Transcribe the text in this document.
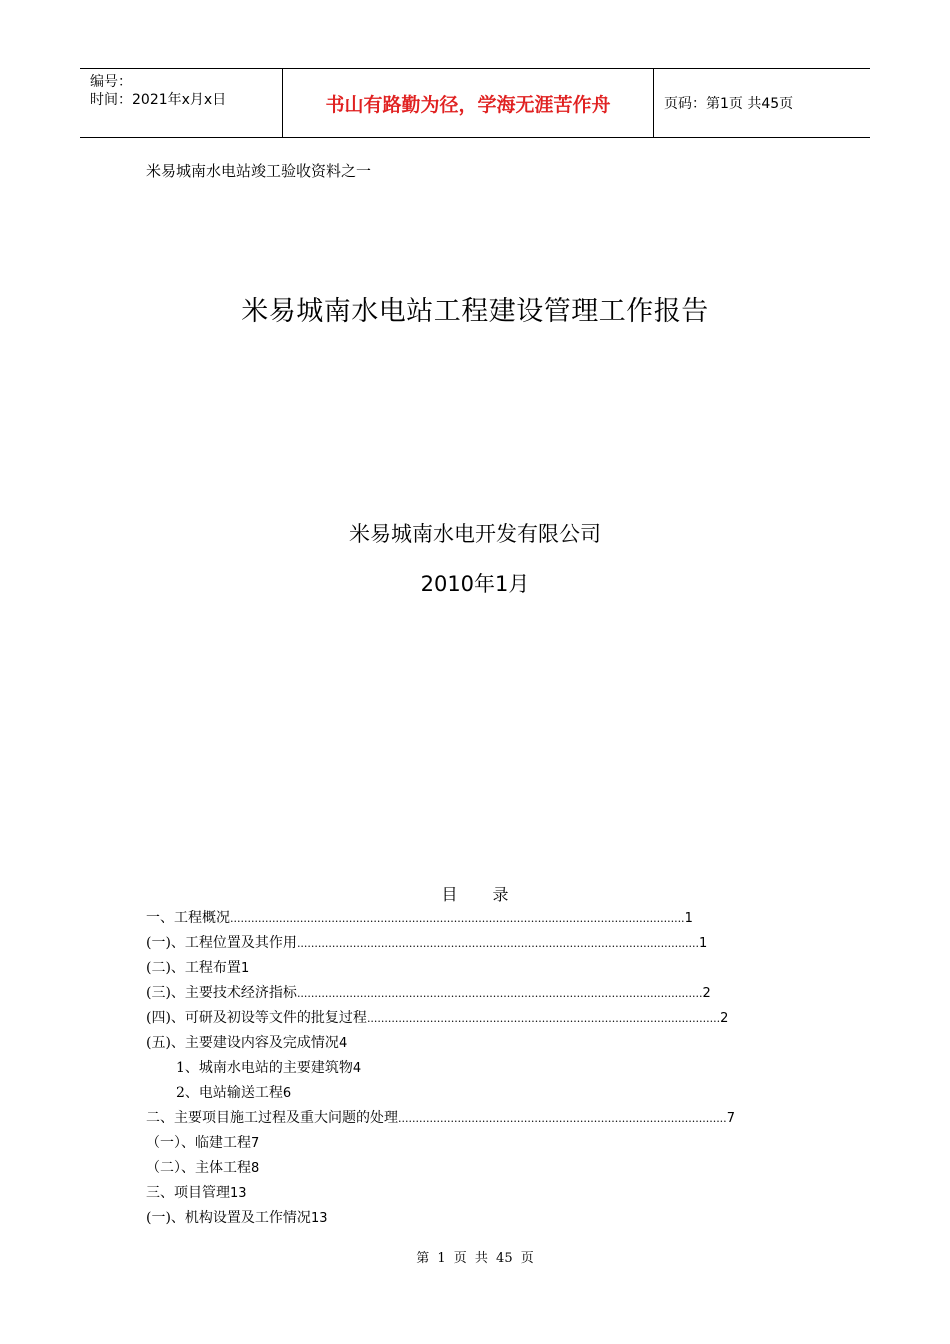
编号：
时间：2021年x月x日	书山有路勤为径，学海无涯苦作舟	页码：第1页 共45页
米易城南水电站竣工验收资料之一
米易城南水电站工程建设管理工作报告
米易城南水电开发有限公司
2010年1月
目 录
一、工程概况..................................................................................................................................1
(一)、工程位置及其作用...................................................................................................................1
(二)、工程布置1
(三)、主要技术经济指标....................................................................................................................2
(四)、可研及初设等文件的批复过程.....................................................................................................2
(五)、主要建设内容及完成情况4
1、城南水电站的主要建筑物4
2、电站输送工程6
二、主要项目施工过程及重大问题的处理..............................................................................................7
（一）、临建工程7
（二）、主体工程8
三、项目管理13
(一)、机构设置及工作情况13
第 1 页 共 45 页
